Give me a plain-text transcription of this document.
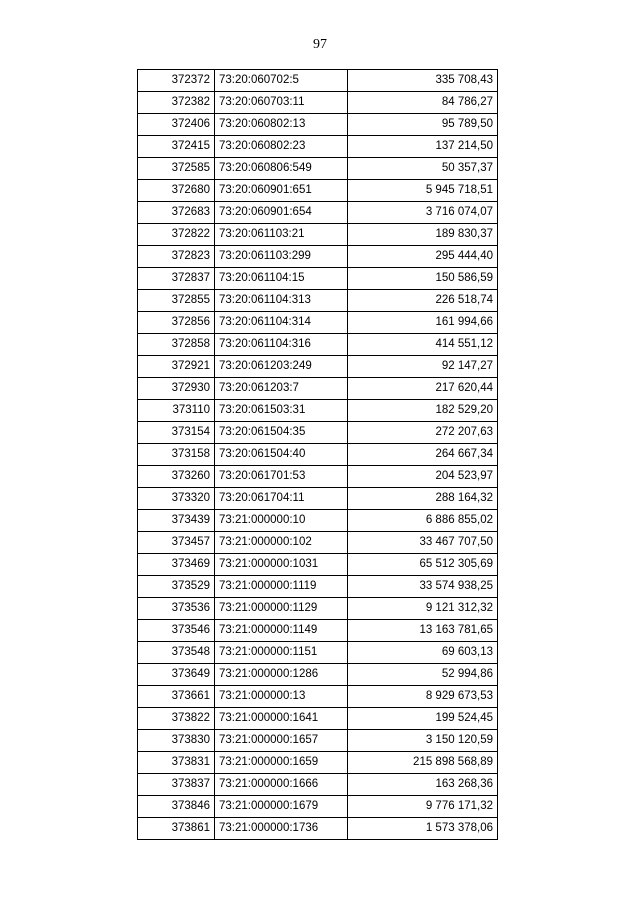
97
372372	73:20:060702:5	335 708,43
372382	73:20:060703:11	84 786,27
372406	73:20:060802:13	95 789,50
372415	73:20:060802:23	137 214,50
372585	73:20:060806:549	50 357,37
372680	73:20:060901:651	5 945 718,51
372683	73:20:060901:654	3 716 074,07
372822	73:20:061103:21	189 830,37
372823	73:20:061103:299	295 444,40
372837	73:20:061104:15	150 586,59
372855	73:20:061104:313	226 518,74
372856	73:20:061104:314	161 994,66
372858	73:20:061104:316	414 551,12
372921	73:20:061203:249	92 147,27
372930	73:20:061203:7	217 620,44
373110	73:20:061503:31	182 529,20
373154	73:20:061504:35	272 207,63
373158	73:20:061504:40	264 667,34
373260	73:20:061701:53	204 523,97
373320	73:20:061704:11	288 164,32
373439	73:21:000000:10	6 886 855,02
373457	73:21:000000:102	33 467 707,50
373469	73:21:000000:1031	65 512 305,69
373529	73:21:000000:1119	33 574 938,25
373536	73:21:000000:1129	9 121 312,32
373546	73:21:000000:1149	13 163 781,65
373548	73:21:000000:1151	69 603,13
373649	73:21:000000:1286	52 994,86
373661	73:21:000000:13	8 929 673,53
373822	73:21:000000:1641	199 524,45
373830	73:21:000000:1657	3 150 120,59
373831	73:21:000000:1659	215 898 568,89
373837	73:21:000000:1666	163 268,36
373846	73:21:000000:1679	9 776 171,32
373861	73:21:000000:1736	1 573 378,06
